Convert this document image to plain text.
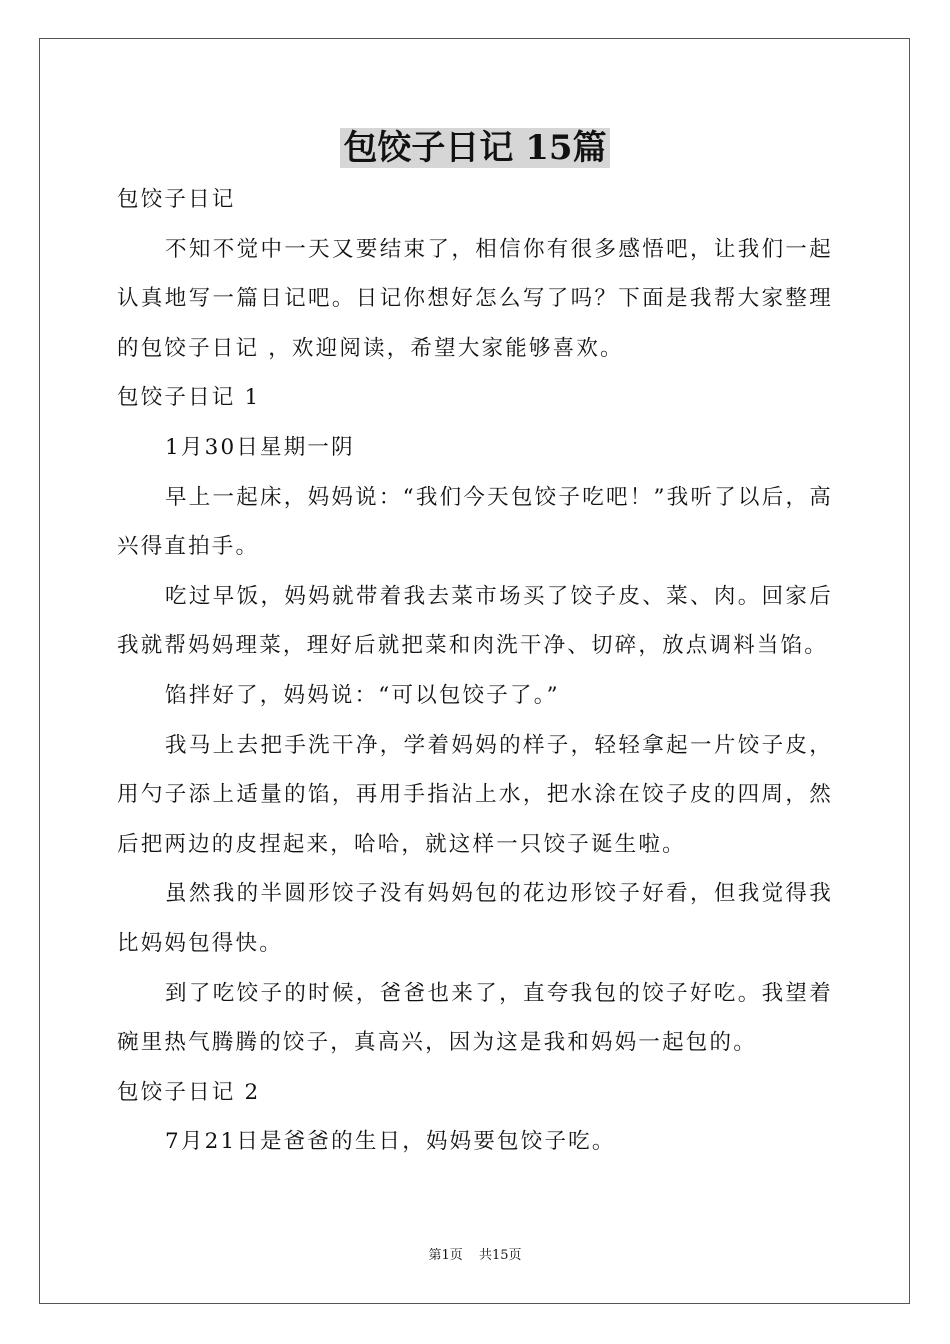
包饺子日记 15篇

包饺子日记

不知不觉中一天又要结束了，相信你有很多感悟吧，让我们一起认真地写一篇日记吧。日记你想好怎么写了吗？下面是我帮大家整理的包饺子日记 ，欢迎阅读，希望大家能够喜欢。

包饺子日记 1

1月30日星期一阴

早上一起床，妈妈说：“我们今天包饺子吃吧！”我听了以后，高兴得直拍手。

吃过早饭，妈妈就带着我去菜市场买了饺子皮、菜、肉。回家后我就帮妈妈理菜，理好后就把菜和肉洗干净、切碎，放点调料当馅。

馅拌好了，妈妈说：“可以包饺子了。”

我马上去把手洗干净，学着妈妈的样子，轻轻拿起一片饺子皮，用勺子添上适量的馅，再用手指沾上水，把水涂在饺子皮的四周，然后把两边的皮捏起来，哈哈，就这样一只饺子诞生啦。

虽然我的半圆形饺子没有妈妈包的花边形饺子好看，但我觉得我比妈妈包得快。

到了吃饺子的时候，爸爸也来了，直夸我包的饺子好吃。我望着碗里热气腾腾的饺子，真高兴，因为这是我和妈妈一起包的。

包饺子日记 2

7月21日是爸爸的生日，妈妈要包饺子吃。

第1页 共15页
